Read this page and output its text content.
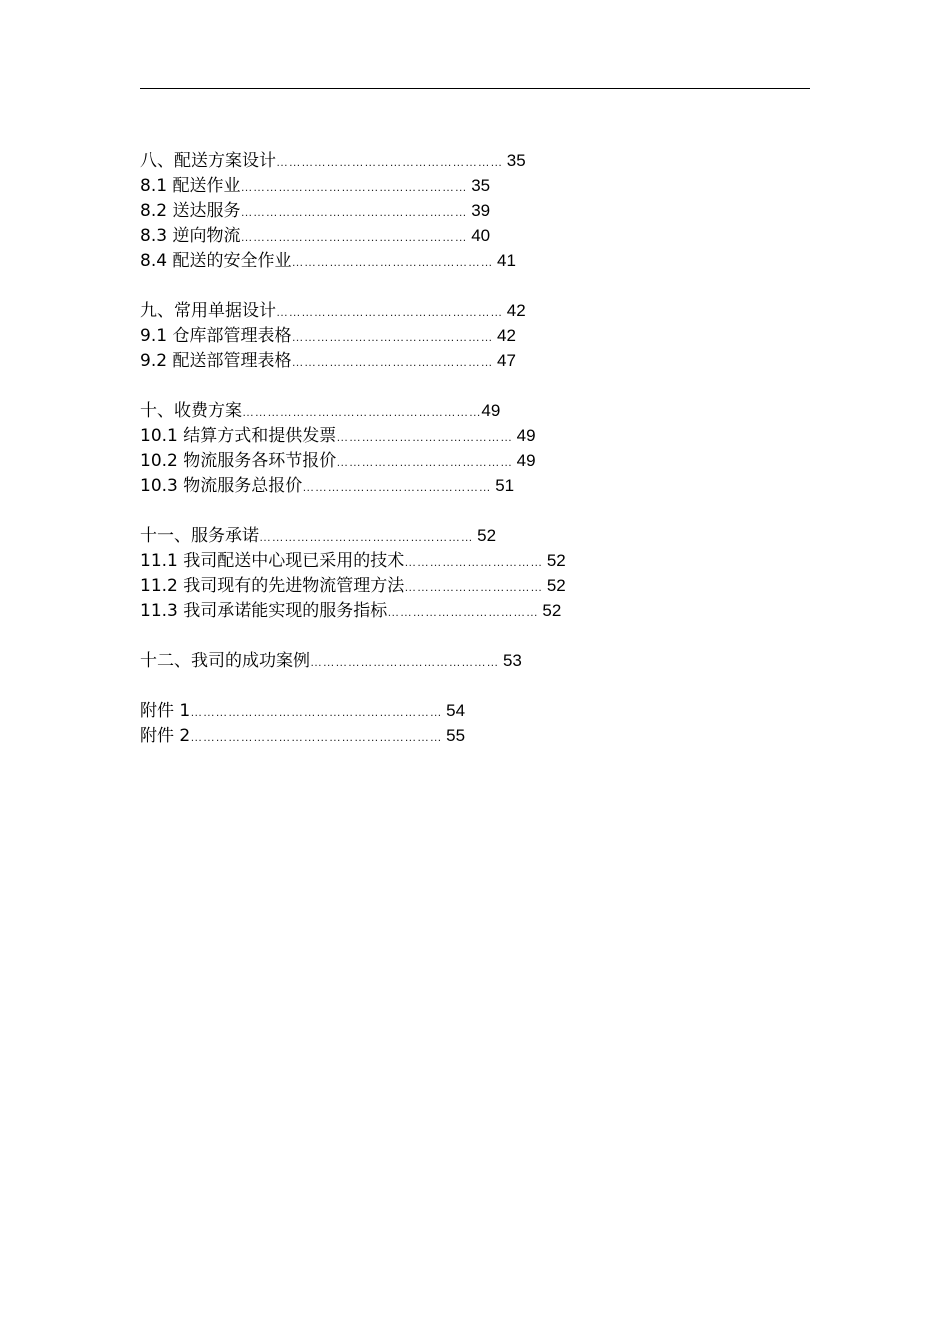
八、配送方案设计……………………………………………… 35
8.1 配送作业……………………………………………… 35
8.2 送达服务……………………………………………… 39
8.3 逆向物流……………………………………………… 40
8.4 配送的安全作业………………………………………… 41
九、常用单据设计……………………………………………… 42
9.1 仓库部管理表格………………………………………… 42
9.2 配送部管理表格………………………………………… 47
十、收费方案…………………………………………………49
10.1 结算方式和提供发票…………………………………… 49
10.2 物流服务各环节报价…………………………………… 49
10.3 物流服务总报价……………………………………… 51
十一、服务承诺…………………………………………… 52
11.1 我司配送中心现已采用的技术…………………………… 52
11.2 我司现有的先进物流管理方法…………………………… 52
11.3 我司承诺能实现的服务指标……………………………… 52
十二、我司的成功案例……………………………………… 53
附件 1…………………………………………………… 54
附件 2…………………………………………………… 55
